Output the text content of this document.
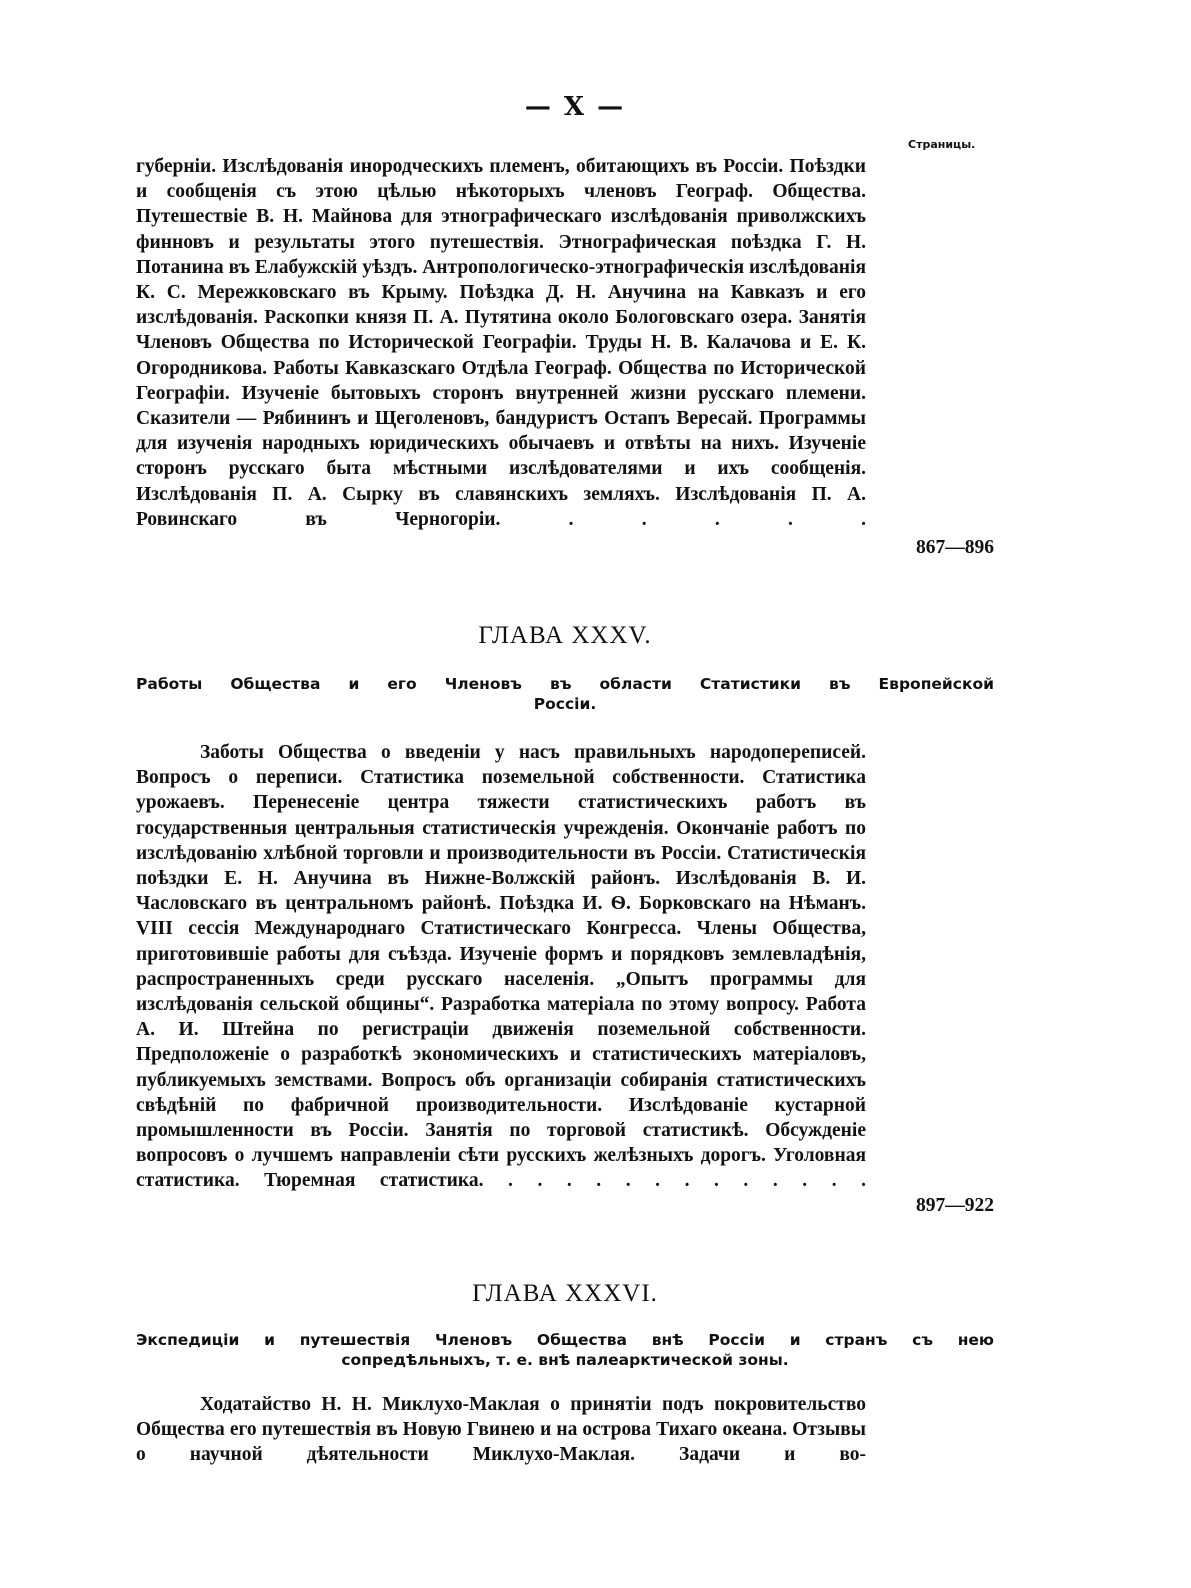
— X —
Страницы.

губерніи. Изслѣдованія инородческихъ племенъ, обитающихъ въ Россіи. Поѣздки и сообщенія съ этою цѣлью нѣкоторыхъ членовъ Географ. Общества. Путешествіе В. Н. Майнова для этнографическаго изслѣдованія приволжскихъ финновъ и результаты этого путешествія. Этнографическая поѣздка Г. Н. Потанина въ Елабужскій уѣздъ. Антропологическо-этнографическія изслѣдованія К. С. Мережковскаго въ Крыму. Поѣздка Д. Н. Анучина на Кавказъ и его изслѣдованія. Раскопки князя П. А. Путятина около Бологовскаго озера. Занятія Членовъ Общества по Исторической Географіи. Труды Н. В. Калачова и Е. К. Огородникова. Работы Кавказскаго Отдѣла Географ. Общества по Исторической Географіи. Изученіе бытовыхъ сторонъ внутренней жизни русскаго племени. Сказители — Рябининъ и Щеголеновъ, бандуристъ Остапъ Вересай. Программы для изученія народныхъ юридическихъ обычаевъ и отвѣты на нихъ. Изученіе сторонъ русскаго быта мѣстными изслѣдователями и ихъ сообщенія. Изслѣдованія П. А. Сырку въ славянскихъ земляхъ. Изслѣдованія П. А. Ровинскаго въ Черногоріи. . . . . .

867—896
ГЛАВА XXXV.
Работы Общества и его Членовъ въ области Статистики въ Европейской
Россіи.

Заботы Общества о введеніи у насъ правильныхъ народопереписей. Вопросъ о переписи. Статистика поземельной собственности. Статистика урожаевъ. Перенесеніе центра тяжести статистическихъ работъ въ государственныя центральныя статистическія учрежденія. Окончаніе работъ по изслѣдованію хлѣбной торговли и производительности въ Россіи. Статистическія поѣздки Е. Н. Анучина въ Нижне-Волжскій районъ. Изслѣдованія В. И. Часловскаго въ центральномъ районѣ. Поѣздка И. Ѳ. Борковскаго на Нѣманъ. VIII сессія Международнаго Статистическаго Конгресса. Члены Общества, приготовившіе работы для съѣзда. Изученіе формъ и порядковъ землевладѣнія, распространенныхъ среди русскаго населенія. „Опытъ программы для изслѣдованія сельской общины“. Разработка матеріала по этому вопросу. Работа А. И. Штейна по регистраціи движенія поземельной собственности. Предположеніе о разработкѣ экономическихъ и статистическихъ матеріаловъ, публикуемыхъ земствами. Вопросъ объ организаціи собиранія статистическихъ свѣдѣній по фабричной производительности. Изслѣдованіе кустарной промышленности въ Россіи. Занятія по торговой статистикѣ. Обсужденіе вопросовъ о лучшемъ направленіи сѣти русскихъ желѣзныхъ дорогъ. Уголовная статистика. Тюремная статистика. . . . . . . . . . . . . .

897—922
ГЛАВА XXXVI.
Экспедиціи и путешествія Членовъ Общества внѣ Россіи и странъ съ нею
сопредѣльныхъ, т. е. внѣ палеарктической зоны.

Ходатайство Н. Н. Миклухо-Маклая о принятіи подъ покровительство Общества его путешествія въ Новую Гвинею и на острова Тихаго океана. Отзывы о научной дѣятельности Миклухо-Маклая. Задачи и во-
